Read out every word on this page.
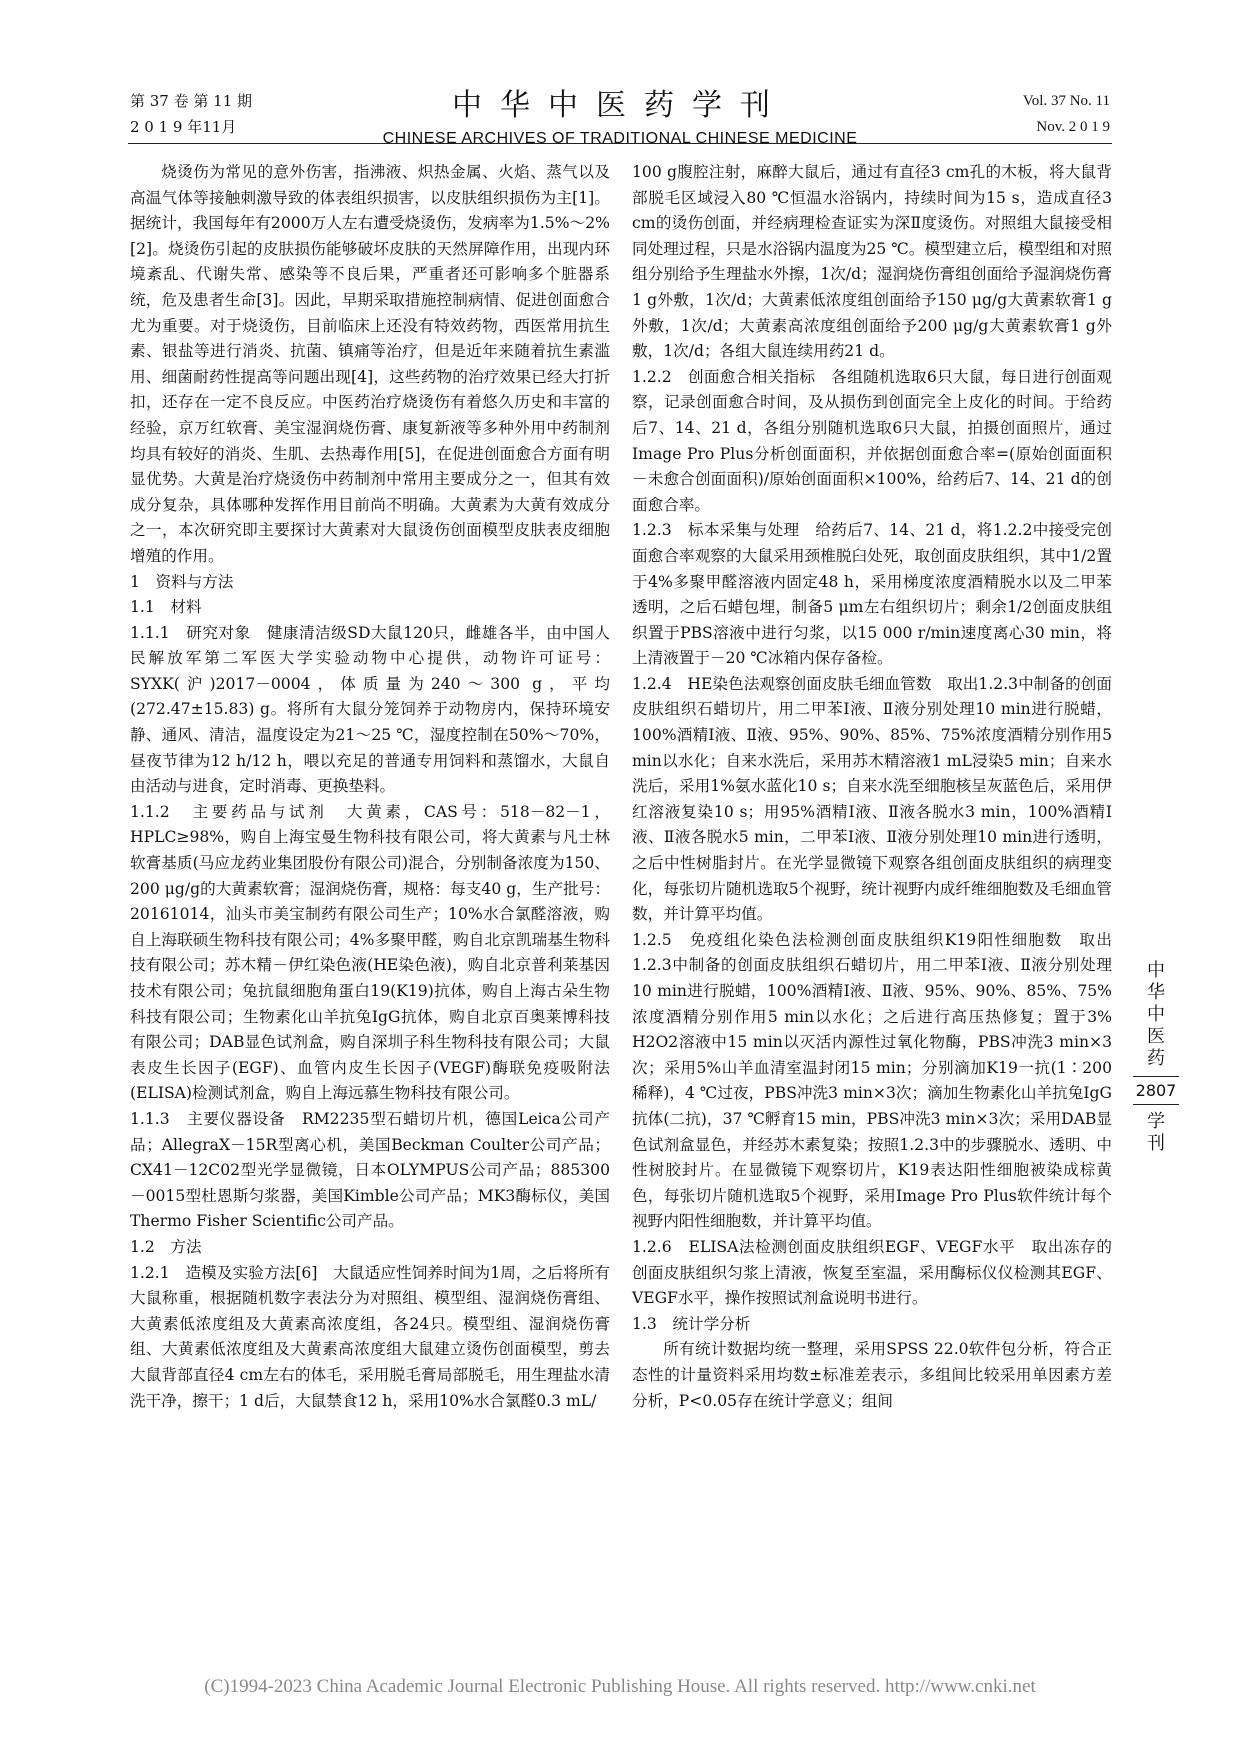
第 37 卷 第 11 期
2 0 1 9 年11月
中华中医药学刊
CHINESE ARCHIVES OF TRADITIONAL CHINESE MEDICINE
Vol. 37 No. 11
Nov. 2 0 1 9

烧烫伤为常见的意外伤害，指沸液、炽热金属、火焰、蒸气以及高温气体等接触刺激导致的体表组织损害，以皮肤组织损伤为主[1]。据统计，我国每年有2000万人左右遭受烧烫伤，发病率为1.5%～2%[2]。烧烫伤引起的皮肤损伤能够破坏皮肤的天然屏障作用，出现内环境紊乱、代谢失常、感染等不良后果，严重者还可影响多个脏器系统，危及患者生命[3]。因此，早期采取措施控制病情、促进创面愈合尤为重要。对于烧烫伤，目前临床上还没有特效药物，西医常用抗生素、银盐等进行消炎、抗菌、镇痛等治疗，但是近年来随着抗生素滥用、细菌耐药性提高等问题出现[4]，这些药物的治疗效果已经大打折扣，还存在一定不良反应。中医药治疗烧烫伤有着悠久历史和丰富的经验，京万红软膏、美宝湿润烧伤膏、康复新液等多种外用中药制剂均具有较好的消炎、生肌、去热毒作用[5]，在促进创面愈合方面有明显优势。大黄是治疗烧烫伤中药制剂中常用主要成分之一，但其有效成分复杂，具体哪种发挥作用目前尚不明确。大黄素为大黄有效成分之一，本次研究即主要探讨大黄素对大鼠烫伤创面模型皮肤表皮细胞增殖的作用。

1　资料与方法

1.1　材料

1.1.1　研究对象　健康清洁级SD大鼠120只，雌雄各半，由中国人民解放军第二军医大学实验动物中心提供，动物许可证号：SYXK(沪)2017－0004，体质量为240～300 g，平均(272.47±15.83) g。将所有大鼠分笼饲养于动物房内，保持环境安静、通风、清洁，温度设定为21～25 ℃，湿度控制在50%～70%，昼夜节律为12 h/12 h，喂以充足的普通专用饲料和蒸馏水，大鼠自由活动与进食，定时消毒、更换垫料。

1.1.2　主要药品与试剂　大黄素，CAS号：518－82－1，HPLC≥98%，购自上海宝曼生物科技有限公司，将大黄素与凡士林软膏基质(马应龙药业集团股份有限公司)混合，分别制备浓度为150、200 μg/g的大黄素软膏；湿润烧伤膏，规格：每支40 g，生产批号：20161014，汕头市美宝制药有限公司生产；10%水合氯醛溶液，购自上海联硕生物科技有限公司；4%多聚甲醛，购自北京凯瑞基生物科技有限公司；苏木精－伊红染色液(HE染色液)，购自北京普利莱基因技术有限公司；兔抗鼠细胞角蛋白19(K19)抗体，购自上海古朵生物科技有限公司；生物素化山羊抗兔IgG抗体，购自北京百奥莱博科技有限公司；DAB显色试剂盒，购自深圳子科生物科技有限公司；大鼠表皮生长因子(EGF)、血管内皮生长因子(VEGF)酶联免疫吸附法(ELISA)检测试剂盒，购自上海远慕生物科技有限公司。

1.1.3　主要仪器设备　RM2235型石蜡切片机，德国Leica公司产品；AllegraX－15R型离心机，美国Beckman Coulter公司产品；CX41－12C02型光学显微镜，日本OLYMPUS公司产品；885300－0015型杜恩斯匀浆器，美国Kimble公司产品；MK3酶标仪，美国Thermo Fisher Scientific公司产品。

1.2　方法

1.2.1　造模及实验方法[6]　大鼠适应性饲养时间为1周，之后将所有大鼠称重，根据随机数字表法分为对照组、模型组、湿润烧伤膏组、大黄素低浓度组及大黄素高浓度组，各24只。模型组、湿润烧伤膏组、大黄素低浓度组及大黄素高浓度组大鼠建立烫伤创面模型，剪去大鼠背部直径4 cm左右的体毛，采用脱毛膏局部脱毛，用生理盐水清洗干净，擦干；1 d后，大鼠禁食12 h，采用10%水合氯醛0.3 mL/

100 g腹腔注射，麻醉大鼠后，通过有直径3 cm孔的木板，将大鼠背部脱毛区域浸入80 ℃恒温水浴锅内，持续时间为15 s，造成直径3 cm的烫伤创面，并经病理检查证实为深Ⅱ度烫伤。对照组大鼠接受相同处理过程，只是水浴锅内温度为25 ℃。模型建立后，模型组和对照组分别给予生理盐水外擦，1次/d；湿润烧伤膏组创面给予湿润烧伤膏1 g外敷，1次/d；大黄素低浓度组创面给予150 μg/g大黄素软膏1 g外敷，1次/d；大黄素高浓度组创面给予200 μg/g大黄素软膏1 g外敷，1次/d；各组大鼠连续用药21 d。

1.2.2　创面愈合相关指标　各组随机选取6只大鼠，每日进行创面观察，记录创面愈合时间，及从损伤到创面完全上皮化的时间。于给药后7、14、21 d，各组分别随机选取6只大鼠，拍摄创面照片，通过Image Pro Plus分析创面面积，并依据创面愈合率=(原始创面面积－未愈合创面面积)/原始创面面积×100%，给药后7、14、21 d的创面愈合率。

1.2.3　标本采集与处理　给药后7、14、21 d，将1.2.2中接受完创面愈合率观察的大鼠采用颈椎脱臼处死，取创面皮肤组织，其中1/2置于4%多聚甲醛溶液内固定48 h，采用梯度浓度酒精脱水以及二甲苯透明，之后石蜡包埋，制备5 μm左右组织切片；剩余1/2创面皮肤组织置于PBS溶液中进行匀浆，以15 000 r/min速度离心30 min，将上清液置于－20 ℃冰箱内保存备检。

1.2.4　HE染色法观察创面皮肤毛细血管数　取出1.2.3中制备的创面皮肤组织石蜡切片，用二甲苯Ⅰ液、Ⅱ液分别处理10 min进行脱蜡，100%酒精Ⅰ液、Ⅱ液、95%、90%、85%、75%浓度酒精分别作用5 min以水化；自来水洗后，采用苏木精溶液1 mL浸染5 min；自来水洗后，采用1%氨水蓝化10 s；自来水洗至细胞核呈灰蓝色后，采用伊红溶液复染10 s；用95%酒精Ⅰ液、Ⅱ液各脱水3 min，100%酒精Ⅰ液、Ⅱ液各脱水5 min，二甲苯Ⅰ液、Ⅱ液分别处理10 min进行透明，之后中性树脂封片。在光学显微镜下观察各组创面皮肤组织的病理变化，每张切片随机选取5个视野，统计视野内成纤维细胞数及毛细血管数，并计算平均值。

1.2.5　免疫组化染色法检测创面皮肤组织K19阳性细胞数　取出1.2.3中制备的创面皮肤组织石蜡切片，用二甲苯Ⅰ液、Ⅱ液分别处理10 min进行脱蜡，100%酒精Ⅰ液、Ⅱ液、95%、90%、85%、75%浓度酒精分别作用5 min以水化；之后进行高压热修复；置于3% H2O2溶液中15 min以灭活内源性过氧化物酶，PBS冲洗3 min×3次；采用5%山羊血清室温封闭15 min；分别滴加K19一抗(1∶200稀释)，4 ℃过夜，PBS冲洗3 min×3次；滴加生物素化山羊抗兔IgG抗体(二抗)，37 ℃孵育15 min，PBS冲洗3 min×3次；采用DAB显色试剂盒显色，并经苏木素复染；按照1.2.3中的步骤脱水、透明、中性树胶封片。在显微镜下观察切片，K19表达阳性细胞被染成棕黄色，每张切片随机选取5个视野，采用Image Pro Plus软件统计每个视野内阳性细胞数，并计算平均值。

1.2.6　ELISA法检测创面皮肤组织EGF、VEGF水平　取出冻存的创面皮肤组织匀浆上清液，恢复至室温，采用酶标仪仪检测其EGF、VEGF水平，操作按照试剂盒说明书进行。

1.3　统计学分析

所有统计数据均统一整理，采用SPSS 22.0软件包分析，符合正态性的计量资料采用均数±标准差表示，多组间比较采用单因素方差分析，P<0.05存在统计学意义；组间

中
华
中
医
药
2807
学
刊
(C)1994-2023 China Academic Journal Electronic Publishing House. All rights reserved. http://www.cnki.net
